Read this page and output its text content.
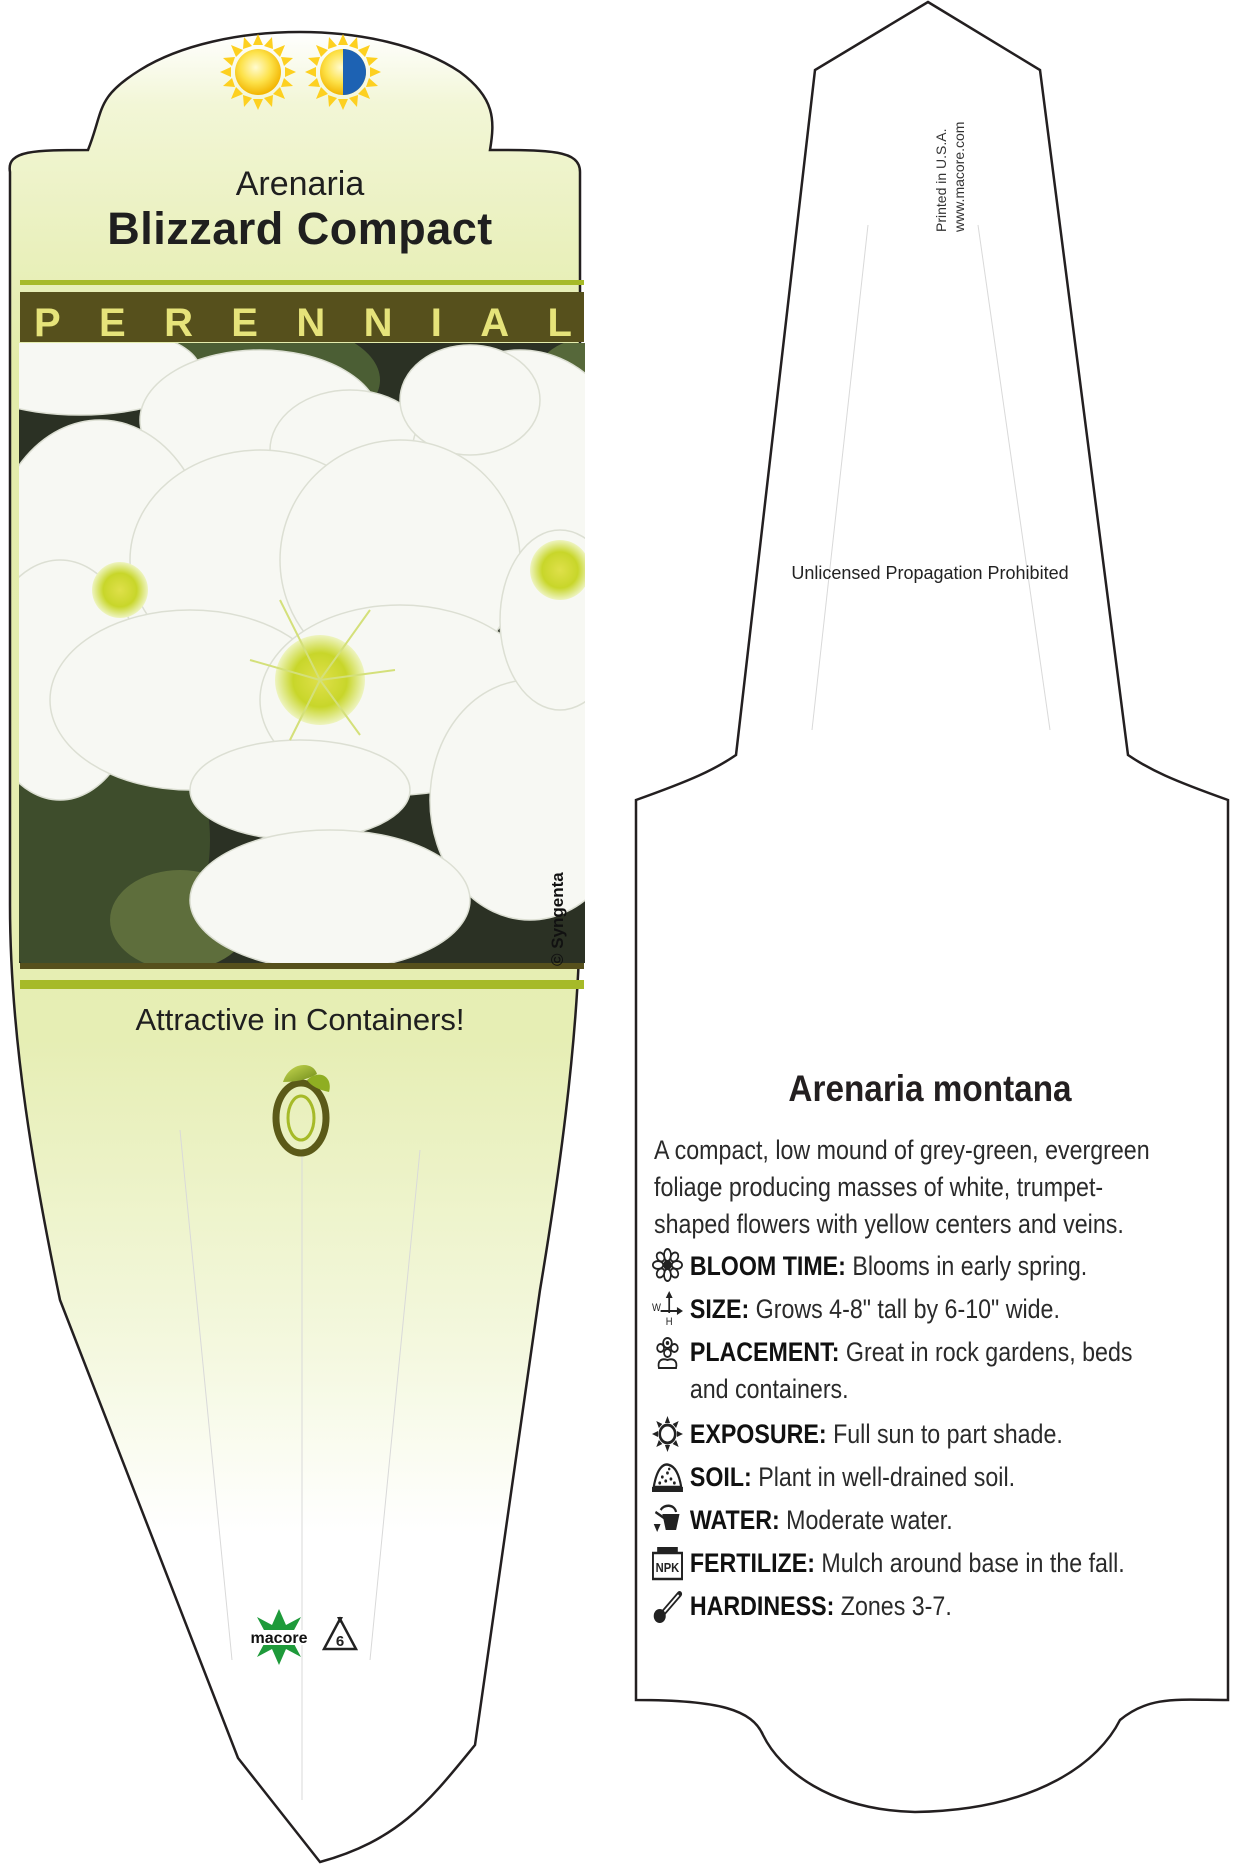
macore 6

Arenaria

Blizzard Compact

P E R E N N I A L

© Syngenta

Attractive in Containers!

Printed in U.S.A. www.macore.com

Unlicensed Propagation Prohibited

Arenaria montana

A compact, low mound of grey-green, evergreen foliage producing masses of white, trumpet-shaped flowers with yellow centers and veins.

BLOOM TIME: Blooms in early spring.
W
H SIZE: Grows 4-8" tall by 6-10" wide.
PLACEMENT: Great in rock gardens, beds and containers.
EXPOSURE: Full sun to part shade.
SOIL: Plant in well-drained soil.
WATER: Moderate water.
NPK FERTILIZE: Mulch around base in the fall.
HARDINESS: Zones 3-7.
